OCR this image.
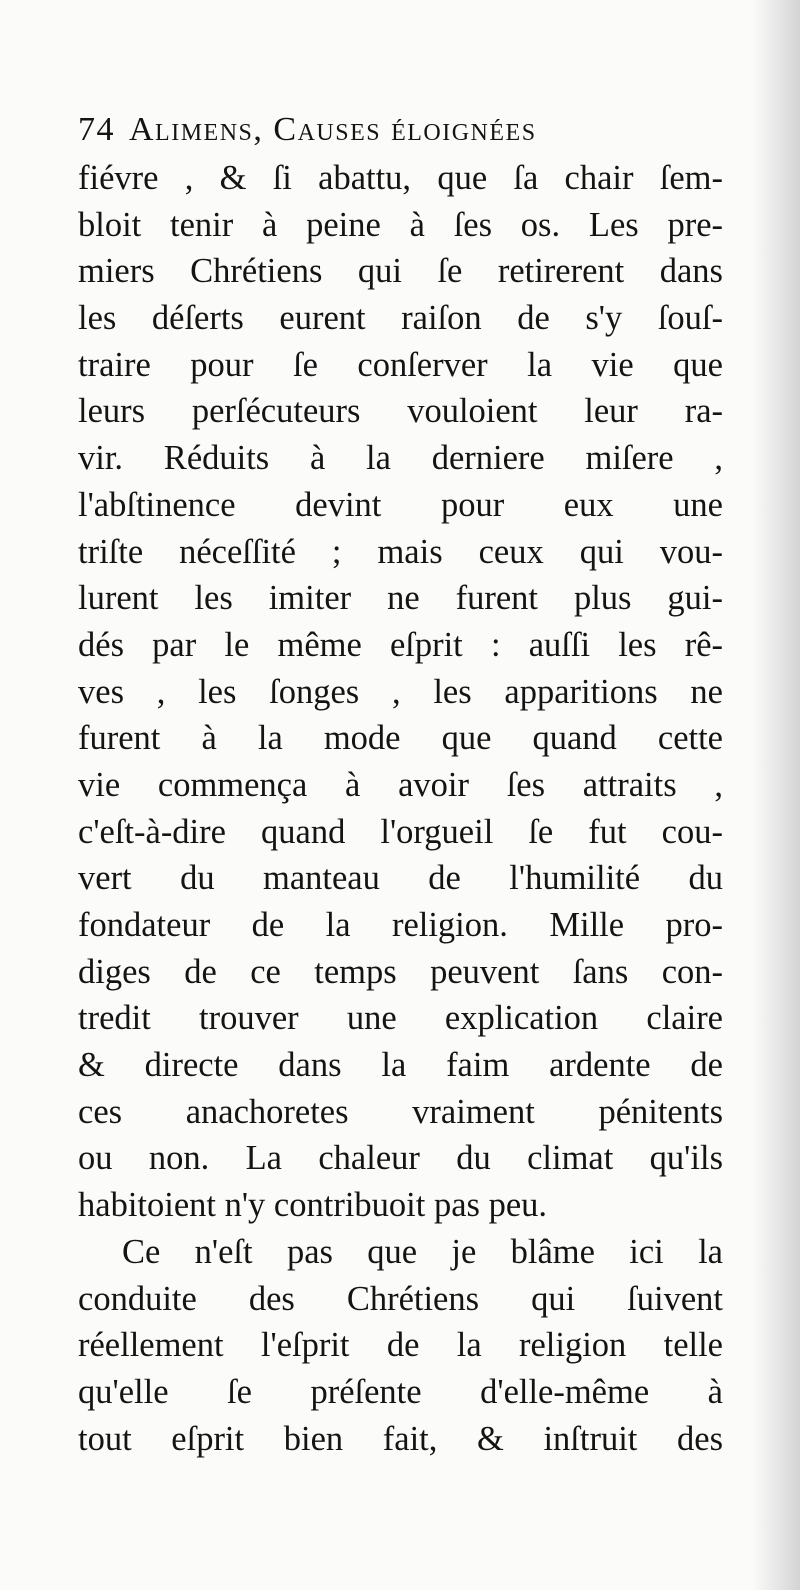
74 Alimens, Causes éloignées
fiévre , & ſi abattu, que ſa chair ſem-
bloit tenir à peine à ſes os. Les pre-
miers Chrétiens qui ſe retirerent dans
les déſerts eurent raiſon de s'y ſouſ-
traire pour ſe conſerver la vie que
leurs perſécuteurs vouloient leur ra-
vir. Réduits à la derniere miſere ,
l'abſtinence devint pour eux une
triſte néceſſité ; mais ceux qui vou-
lurent les imiter ne furent plus gui-
dés par le même eſprit : auſſi les rê-
ves , les ſonges , les apparitions ne
furent à la mode que quand cette
vie commença à avoir ſes attraits ,
c'eſt-à-dire quand l'orgueil ſe fut cou-
vert du manteau de l'humilité du
fondateur de la religion. Mille pro-
diges de ce temps peuvent ſans con-
tredit trouver une explication claire
& directe dans la faim ardente de
ces anachoretes vraiment pénitents
ou non. La chaleur du climat qu'ils
habitoient n'y contribuoit pas peu.
Ce n'eſt pas que je blâme ici la
conduite des Chrétiens qui ſuivent
réellement l'eſprit de la religion telle
qu'elle ſe préſente d'elle-même à
tout eſprit bien fait, & inſtruit des
